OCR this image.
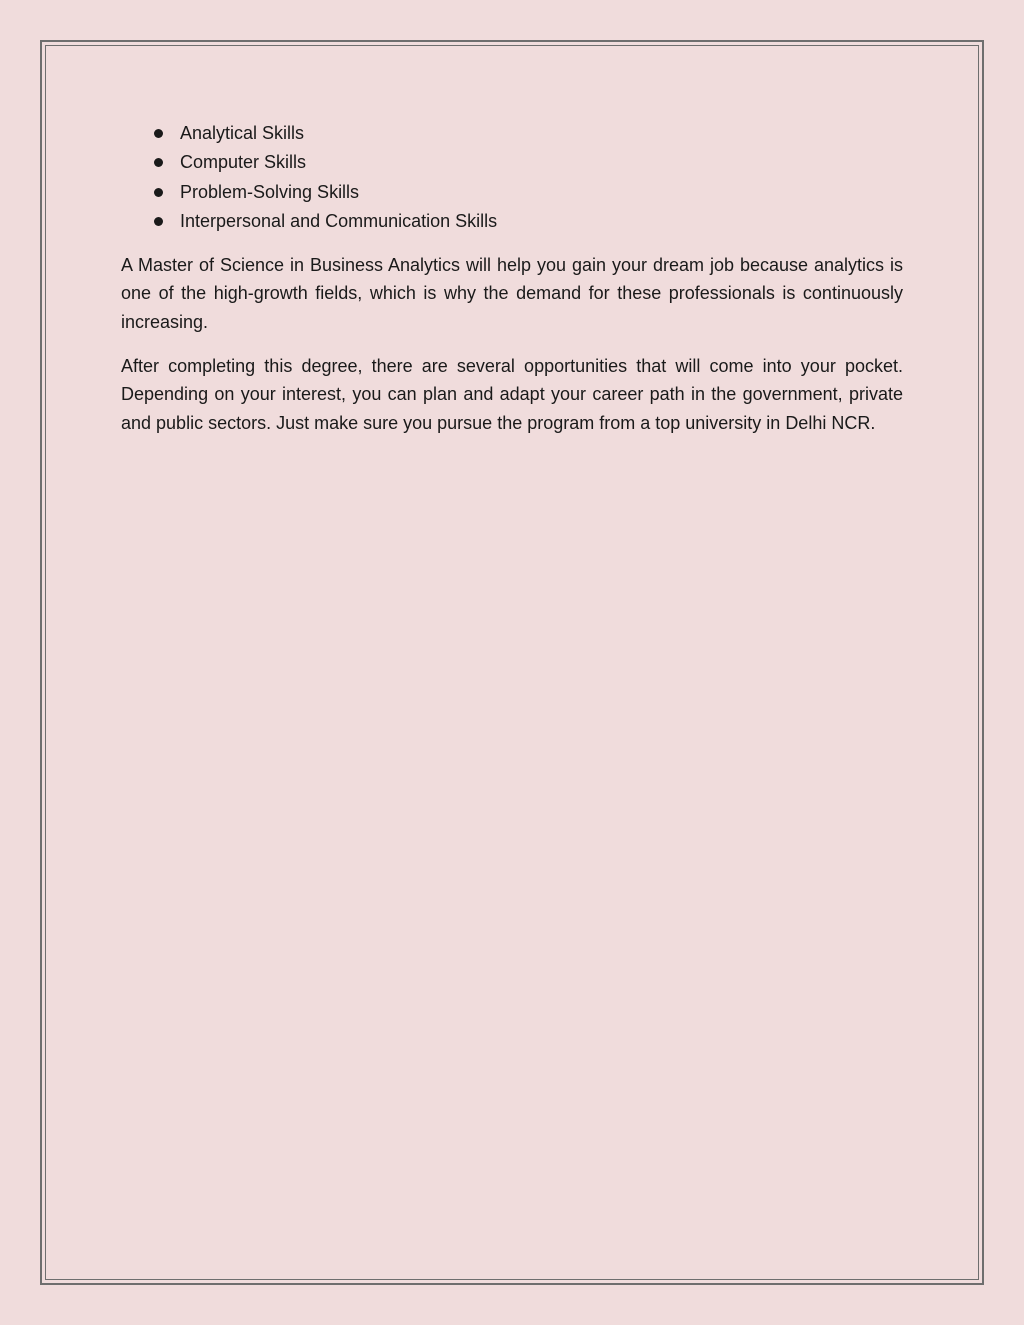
Analytical Skills
Computer Skills
Problem-Solving Skills
Interpersonal and Communication Skills

A Master of Science in Business Analytics will help you gain your dream job because analytics is one of the high-growth fields, which is why the demand for these professionals is continuously increasing.

After completing this degree, there are several opportunities that will come into your pocket. Depending on your interest, you can plan and adapt your career path in the government, private and public sectors. Just make sure you pursue the program from a top university in Delhi NCR.
